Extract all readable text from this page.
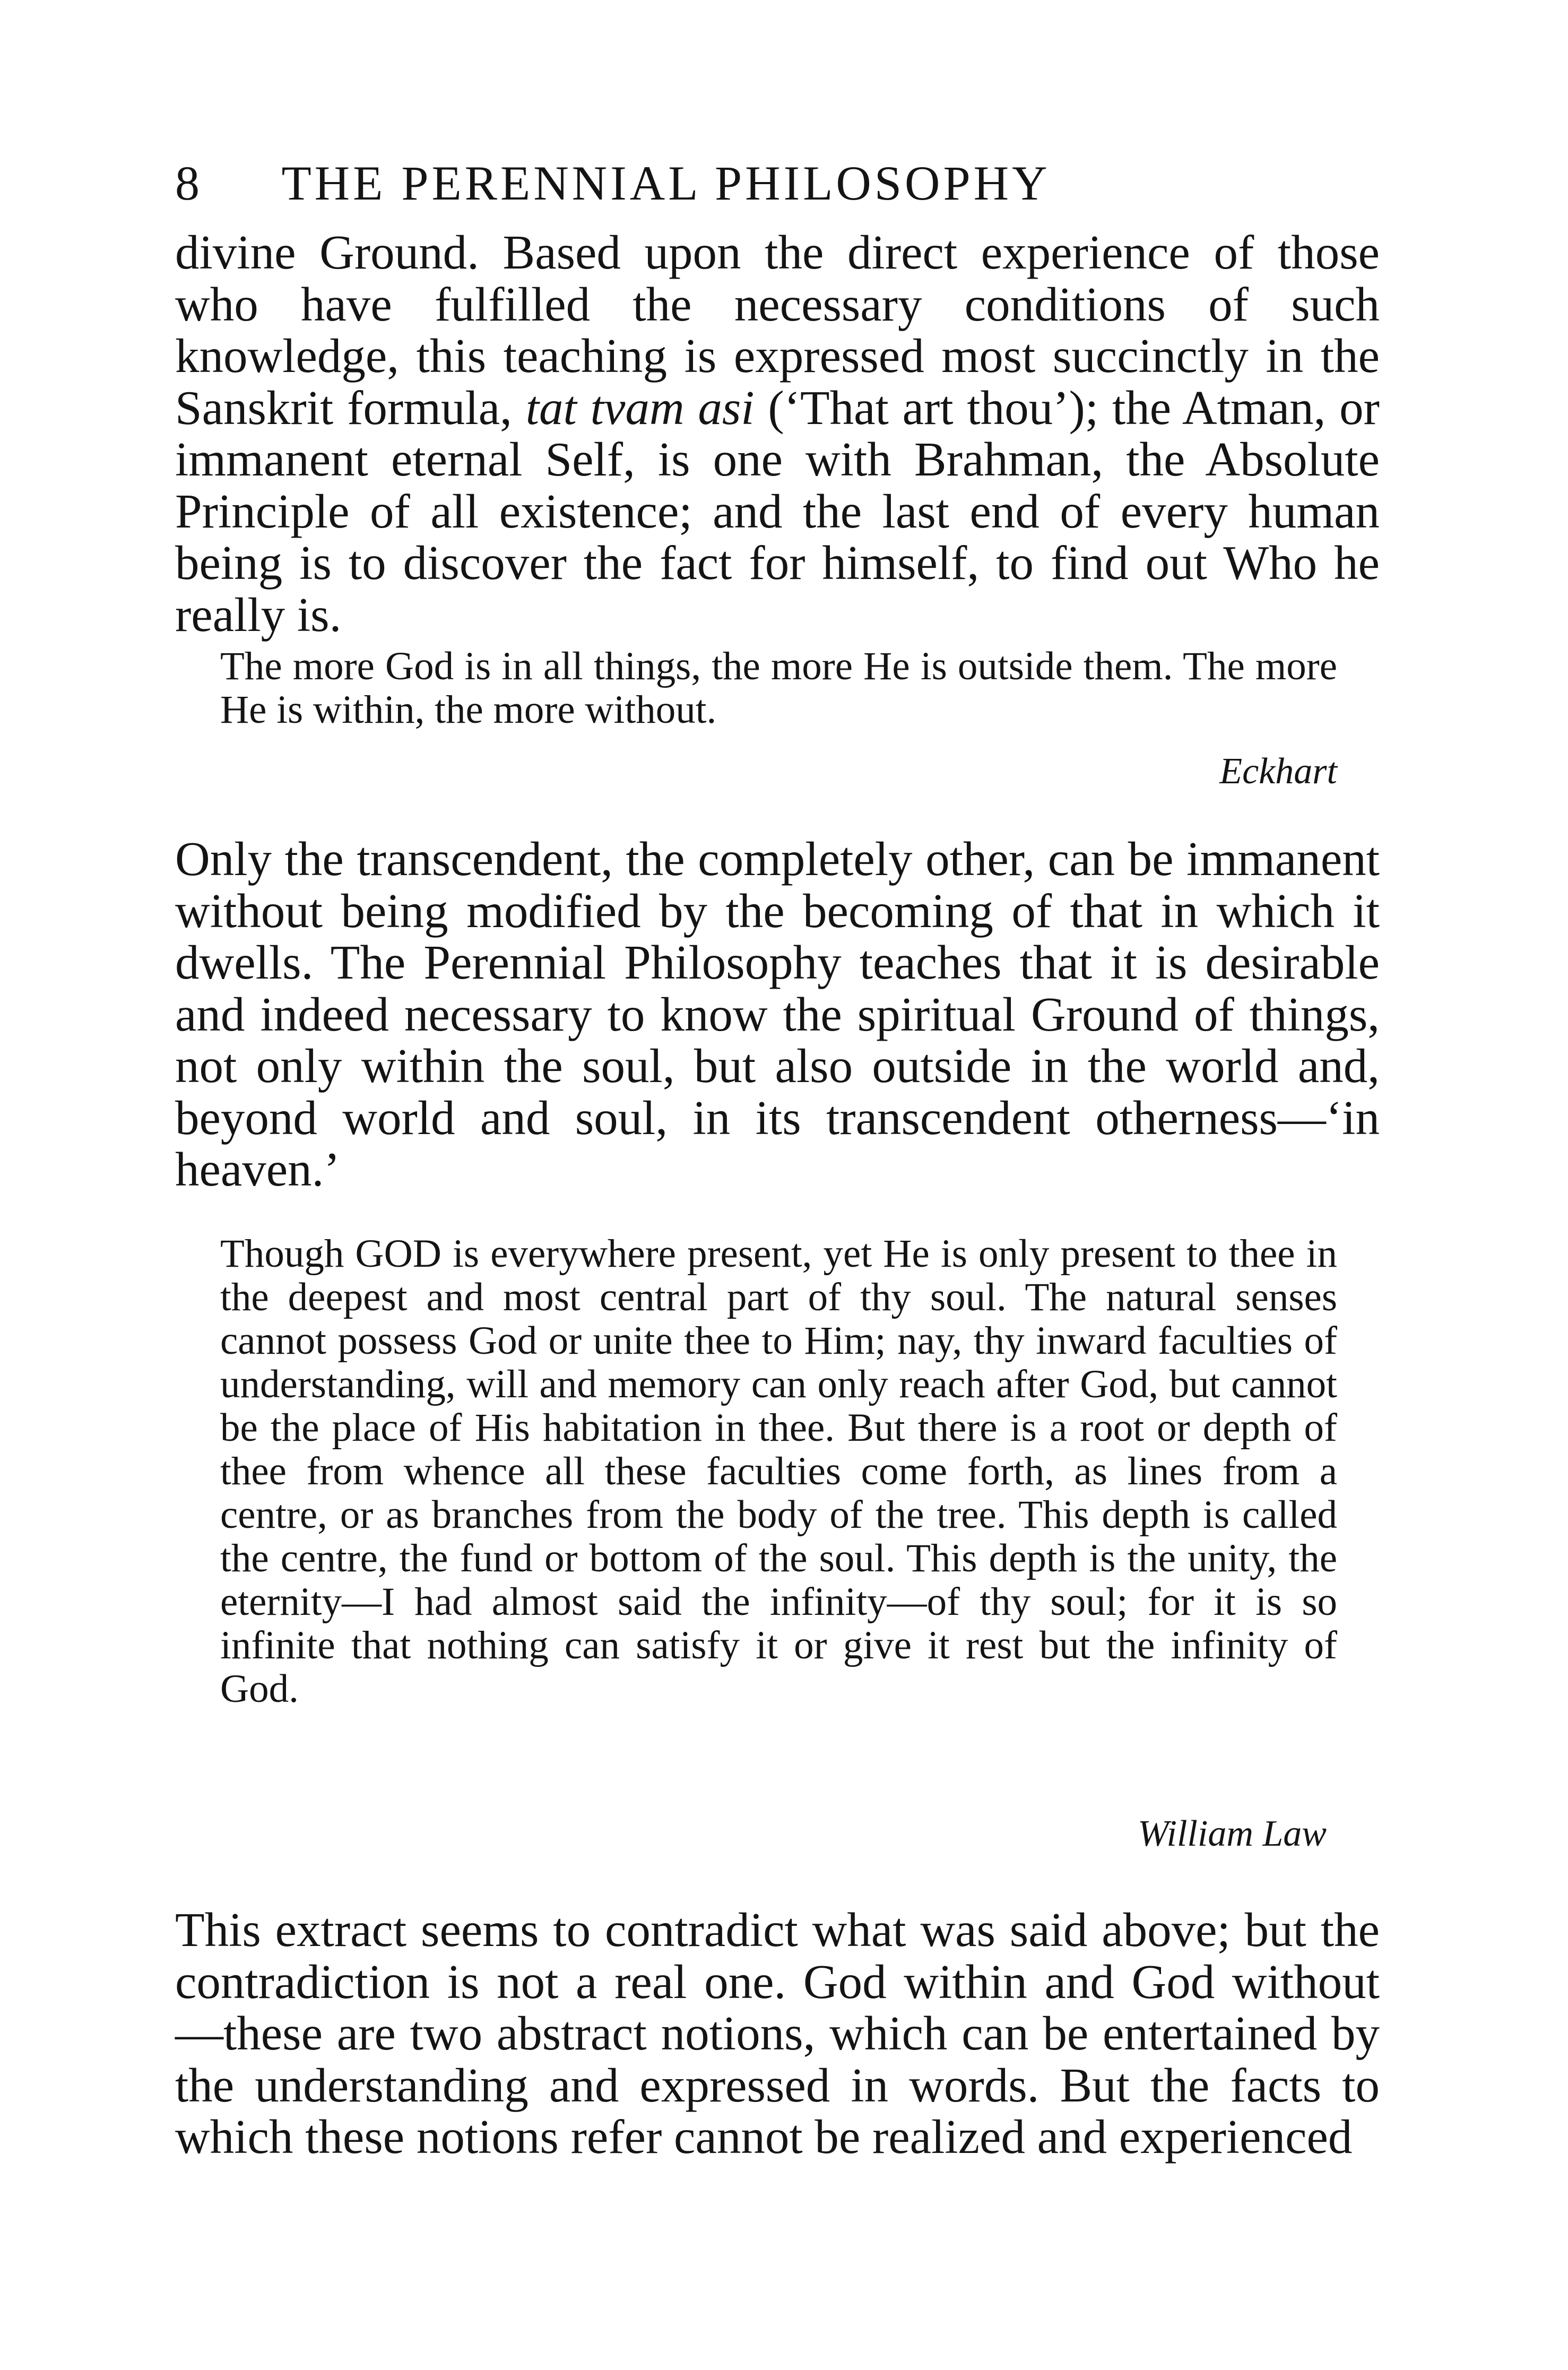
8	THE PERENNIAL PHILOSOPHY

divine Ground. Based upon the direct experience of those who have fulfilled the necessary conditions of such knowledge, this teaching is expressed most succinctly in the Sanskrit formula, tat tvam asi (‘That art thou’); the Atman, or immanent eternal Self, is one with Brahman, the Absolute Principle of all existence; and the last end of every human being is to discover the fact for himself, to find out Who he really is.

The more God is in all things, the more He is outside them. The more He is within, the more without.

Eckhart

Only the transcendent, the completely other, can be immanent without being modified by the becoming of that in which it dwells. The Perennial Philosophy teaches that it is desirable and indeed necessary to know the spiritual Ground of things, not only within the soul, but also outside in the world and, beyond world and soul, in its transcendent otherness—‘in heaven.’

Though GOD is everywhere present, yet He is only present to thee in the deepest and most central part of thy soul. The natural senses cannot possess God or unite thee to Him; nay, thy inward faculties of understanding, will and memory can only reach after God, but cannot be the place of His habitation in thee. But there is a root or depth of thee from whence all these faculties come forth, as lines from a centre, or as branches from the body of the tree. This depth is called the centre, the fund or bottom of the soul. This depth is the unity, the eternity—I had almost said the infinity—of thy soul; for it is so infinite that nothing can satisfy it or give it rest but the infinity of God.

William Law

This extract seems to contradict what was said above; but the contradiction is not a real one. God within and God without —these are two abstract notions, which can be entertained by the understanding and expressed in words. But the facts to which these notions refer cannot be realized and experienced
